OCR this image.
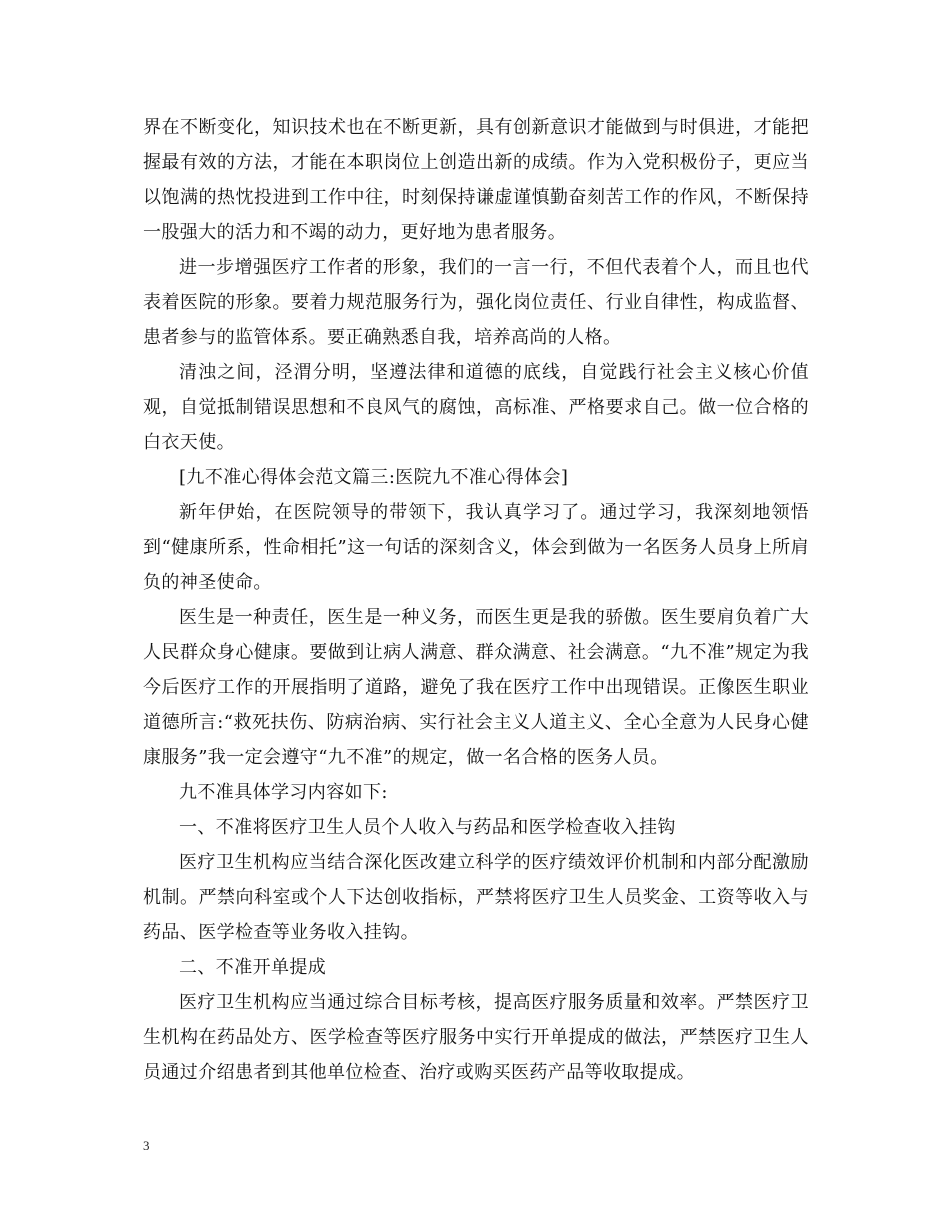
界在不断变化，知识技术也在不断更新，具有创新意识才能做到与时俱进，才能把握最有效的方法，才能在本职岗位上创造出新的成绩。作为入党积极份子，更应当以饱满的热忱投进到工作中往，时刻保持谦虚谨慎勤奋刻苦工作的作风，不断保持一股强大的活力和不竭的动力，更好地为患者服务。

进一步增强医疗工作者的形象，我们的一言一行，不但代表着个人，而且也代表着医院的形象。要着力规范服务行为，强化岗位责任、行业自律性，构成监督、患者参与的监管体系。要正确熟悉自我，培养高尚的人格。

清浊之间，泾渭分明，坚遵法律和道德的底线，自觉践行社会主义核心价值观，自觉抵制错误思想和不良风气的腐蚀，高标准、严格要求自己。做一位合格的白衣天使。

[九不准心得体会范文篇三:医院九不准心得体会]

新年伊始，在医院领导的带领下，我认真学习了。通过学习，我深刻地领悟到“健康所系，性命相托”这一句话的深刻含义，体会到做为一名医务人员身上所肩负的神圣使命。

医生是一种责任，医生是一种义务，而医生更是我的骄傲。医生要肩负着广大人民群众身心健康。要做到让病人满意、群众满意、社会满意。“九不准”规定为我今后医疗工作的开展指明了道路，避免了我在医疗工作中出现错误。正像医生职业道德所言:“救死扶伤、防病治病、实行社会主义人道主义、全心全意为人民身心健康服务”我一定会遵守“九不准”的规定，做一名合格的医务人员。

九不准具体学习内容如下:

一、不准将医疗卫生人员个人收入与药品和医学检查收入挂钩

医疗卫生机构应当结合深化医改建立科学的医疗绩效评价机制和内部分配激励机制。严禁向科室或个人下达创收指标，严禁将医疗卫生人员奖金、工资等收入与药品、医学检查等业务收入挂钩。

二、不准开单提成

医疗卫生机构应当通过综合目标考核，提高医疗服务质量和效率。严禁医疗卫生机构在药品处方、医学检查等医疗服务中实行开单提成的做法，严禁医疗卫生人员通过介绍患者到其他单位检查、治疗或购买医药产品等收取提成。

3
